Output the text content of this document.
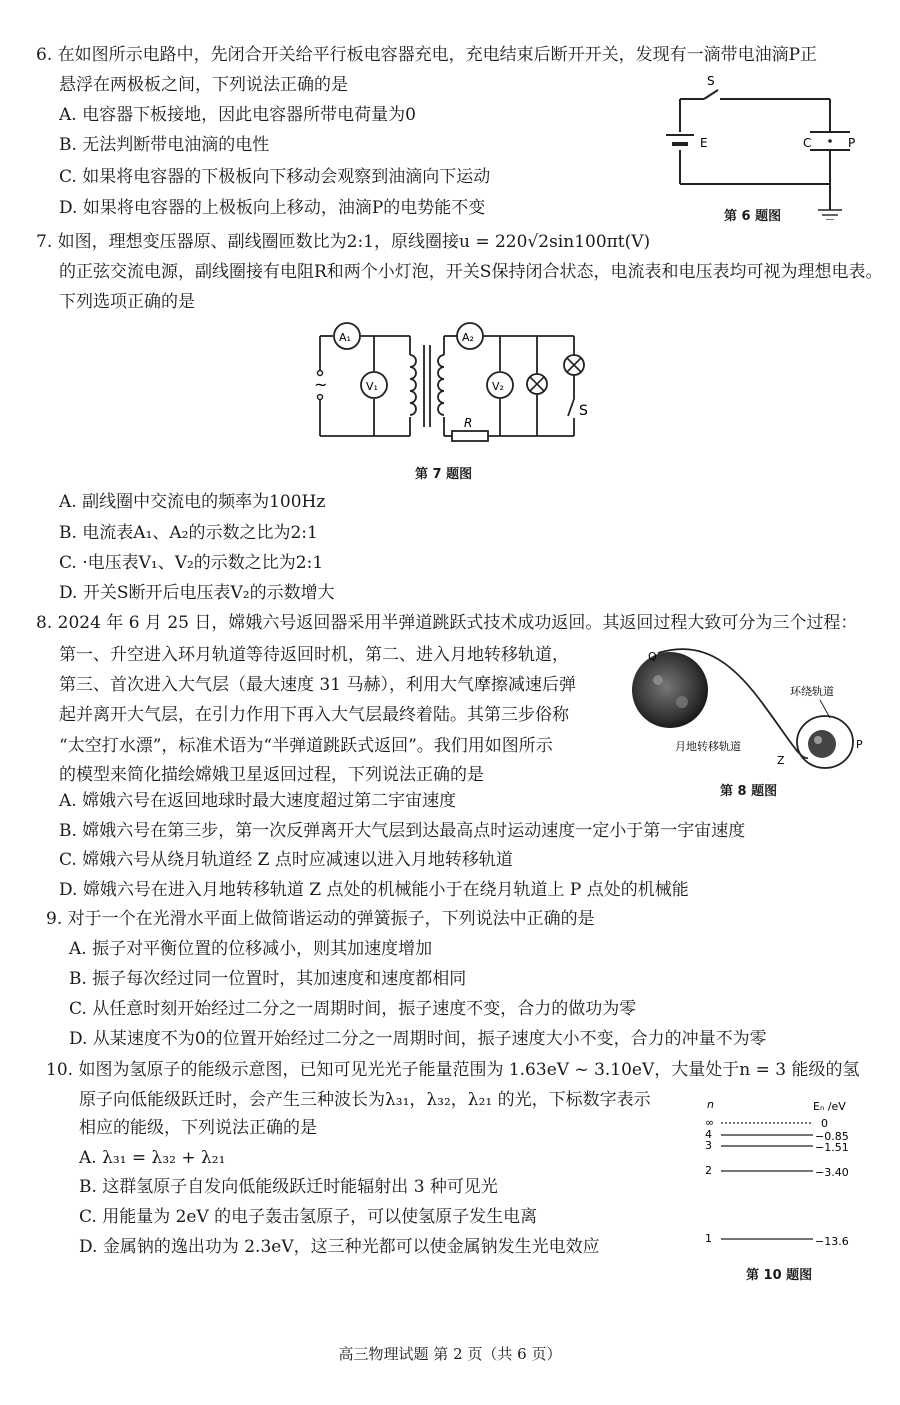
6. 在如图所示电路中，先闭合开关给平行板电容器充电，充电结束后断开开关，发现有一滴带电油滴P正
悬浮在两极板之间，下列说法正确的是
A. 电容器下板接地，因此电容器所带电荷量为0
B. 无法判断带电油滴的电性
C. 如果将电容器的下极板向下移动会观察到油滴向下运动
D. 如果将电容器的上极板向上移动，油滴P的电势能不变
S
E	C	P
第 6 题图
7. 如图，理想变压器原、副线圈匝数比为2:1，原线圈接u = 220√2sin100πt(V)
的正弦交流电源，副线圈接有电阻R和两个小灯泡，开关S保持闭合状态，电流表和电压表均可视为理想电表。
下列选项正确的是
~
A₁
V₁
A₂
V₂
R
S
第 7 题图
A. 副线圈中交流电的频率为100Hz
B. 电流表A₁、A₂的示数之比为2:1
C. ·电压表V₁、V₂的示数之比为2:1
D. 开关S断开后电压表V₂的示数增大
8. 2024 年 6 月 25 日，嫦娥六号返回器采用半弹道跳跃式技术成功返回。其返回过程大致可分为三个过程：
第一、升空进入环月轨道等待返回时机，第二、进入月地转移轨道，
第三、首次进入大气层（最大速度 31 马赫），利用大气摩擦减速后弹
起并离开大气层，在引力作用下再入大气层最终着陆。其第三步俗称
“太空打水漂”，标准术语为“半弹道跳跃式返回”。我们用如图所示
的模型来简化描绘嫦娥卫星返回过程，下列说法正确的是
Q
环绕轨道
月地转移轨道
Z
P
第 8 题图
A. 嫦娥六号在返回地球时最大速度超过第二宇宙速度
B. 嫦娥六号在第三步，第一次反弹离开大气层到达最高点时运动速度一定小于第一宇宙速度
C. 嫦娥六号从绕月轨道经 Z 点时应减速以进入月地转移轨道
D. 嫦娥六号在进入月地转移轨道 Z 点处的机械能小于在绕月轨道上 P 点处的机械能
9. 对于一个在光滑水平面上做简谐运动的弹簧振子，下列说法中正确的是
A. 振子对平衡位置的位移减小，则其加速度增加
B. 振子每次经过同一位置时，其加速度和速度都相同
C. 从任意时刻开始经过二分之一周期时间，振子速度不变，合力的做功为零
D. 从某速度不为0的位置开始经过二分之一周期时间，振子速度大小不变，合力的冲量不为零
10. 如图为氢原子的能级示意图，已知可见光光子能量范围为 1.63eV ~ 3.10eV，大量处于n = 3 能级的氢
原子向低能级跃迁时，会产生三种波长为λ₃₁，λ₃₂，λ₂₁ 的光，下标数字表示
相应的能级，下列说法正确的是
A. λ₃₁ = λ₃₂ + λ₂₁
B. 这群氢原子自发向低能级跃迁时能辐射出 3 种可见光
C. 用能量为 2eV 的电子轰击氢原子，可以使氢原子发生电离
D. 金属钠的逸出功为 2.3eV，这三种光都可以使金属钠发生光电效应
n	Eₙ /eV
∞	0
4	−0.85
3	−1.51
2	−3.40
1	−13.6
第 10 题图
高三物理试题 第 2 页（共 6 页）
